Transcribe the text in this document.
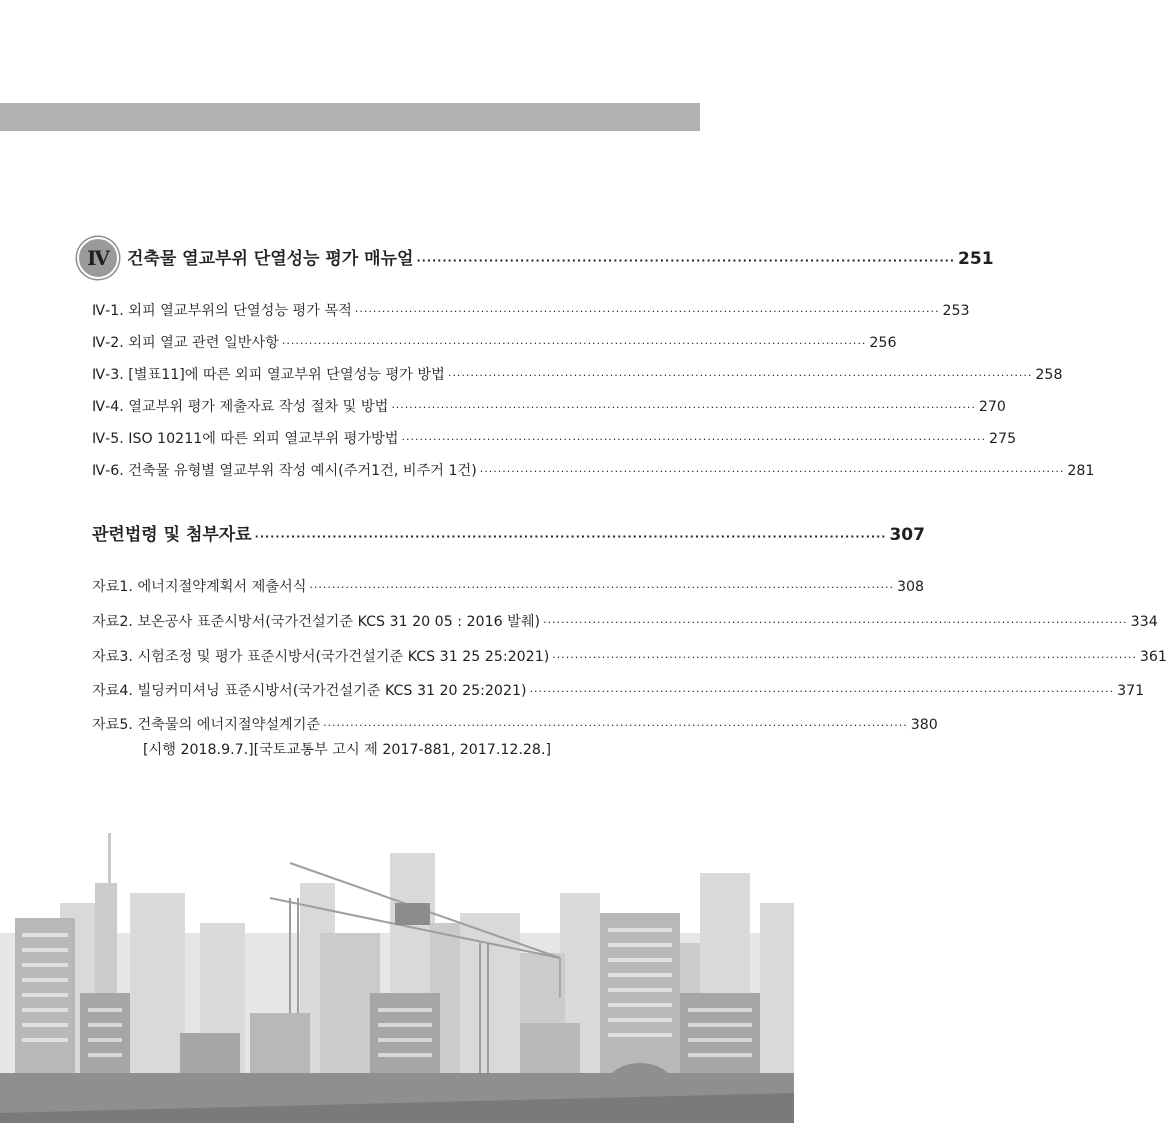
Ⅳ 건축물 열교부위 단열성능 평가 매뉴얼 ········································································································ 251
Ⅳ-1. 외피 열교부위의 단열성능 평가 목적 ·································································································································· 253
Ⅳ-2. 외피 열교 관련 일반사항 ·································································································································· 256
Ⅳ-3. [별표11]에 따른 외피 열교부위 단열성능 평가 방법 ·································································································································· 258
Ⅳ-4. 열교부위 평가 제출자료 작성 절차 및 방법 ·································································································································· 270
Ⅳ-5. ISO 10211에 따른 외피 열교부위 평가방법 ·································································································································· 275
Ⅳ-6. 건축물 유형별 열교부위 작성 예시(주거1건, 비주거 1건) ·································································································································· 281
관련법령 및 첨부자료 ·························································································································· 307
자료1. 에너지절약계획서 제출서식 ·································································································································· 308
자료2. 보온공사 표준시방서(국가건설기준 KCS 31 20 05 : 2016 발췌) ·································································································································· 334
자료3. 시험조정 및 평가 표준시방서(국가건설기준 KCS 31 25 25:2021) ·································································································································· 361
자료4. 빌딩커미셔닝 표준시방서(국가건설기준 KCS 31 20 25:2021) ·································································································································· 371
자료5. 건축물의 에너지절약설계기준 ·································································································································· 380
[시행 2018.9.7.][국토교통부 고시 제 2017-881, 2017.12.28.]
